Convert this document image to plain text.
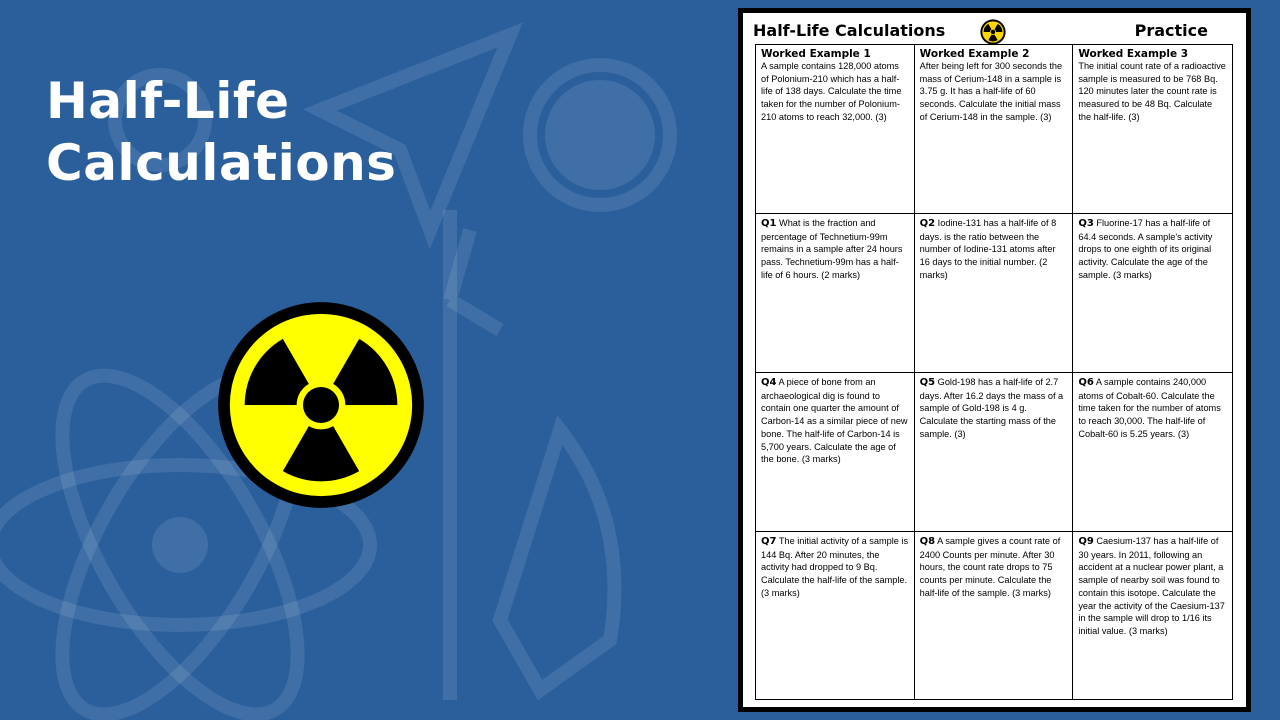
Half-Life
Calculations
Half-Life Calculations	Practice
Worked Example 1
A sample contains 128,000 atoms of Polonium-210 which has a half-life of 138 days. Calculate the time taken for the number of Polonium-210 atoms to reach 32,000. (3)
Worked Example 2
After being left for 300 seconds the mass of Cerium-148 in a sample is 3.75 g. It has a half-life of 60 seconds. Calculate the initial mass of Cerium-148 in the sample. (3)
Worked Example 3
The initial count rate of a radioactive sample is measured to be 768 Bq. 120 minutes later the count rate is measured to be 48 Bq. Calculate the half-life. (3)
Q1 What is the fraction and percentage of Technetium-99m remains in a sample after 24 hours pass. Technetium-99m has a half-life of 6 hours. (2 marks)
Q2 Iodine-131 has a half-life of 8 days. is the ratio between the number of Iodine-131 atoms after 16 days to the initial number. (2 marks)
Q3 Fluorine-17 has a half-life of 64.4 seconds. A sample's activity drops to one eighth of its original activity. Calculate the age of the sample. (3 marks)
Q4 A piece of bone from an archaeological dig is found to contain one quarter the amount of Carbon-14 as a similar piece of new bone. The half-life of Carbon-14 is 5,700 years. Calculate the age of the bone. (3 marks)
Q5 Gold-198 has a half-life of 2.7 days. After 16.2 days the mass of a sample of Gold-198 is 4 g. Calculate the starting mass of the sample. (3)
Q6 A sample contains 240,000 atoms of Cobalt-60. Calculate the time taken for the number of atoms to reach 30,000. The half-life of Cobalt-60 is 5.25 years. (3)
Q7 The initial activity of a sample is 144 Bq. After 20 minutes, the activity had dropped to 9 Bq. Calculate the half-life of the sample. (3 marks)
Q8 A sample gives a count rate of 2400 Counts per minute. After 30 hours, the count rate drops to 75 counts per minute. Calculate the half-life of the sample. (3 marks)
Q9 Caesium-137 has a half-life of 30 years. In 2011, following an accident at a nuclear power plant, a sample of nearby soil was found to contain this isotope. Calculate the year the activity of the Caesium-137 in the sample will drop to 1/16 its initial value. (3 marks)
